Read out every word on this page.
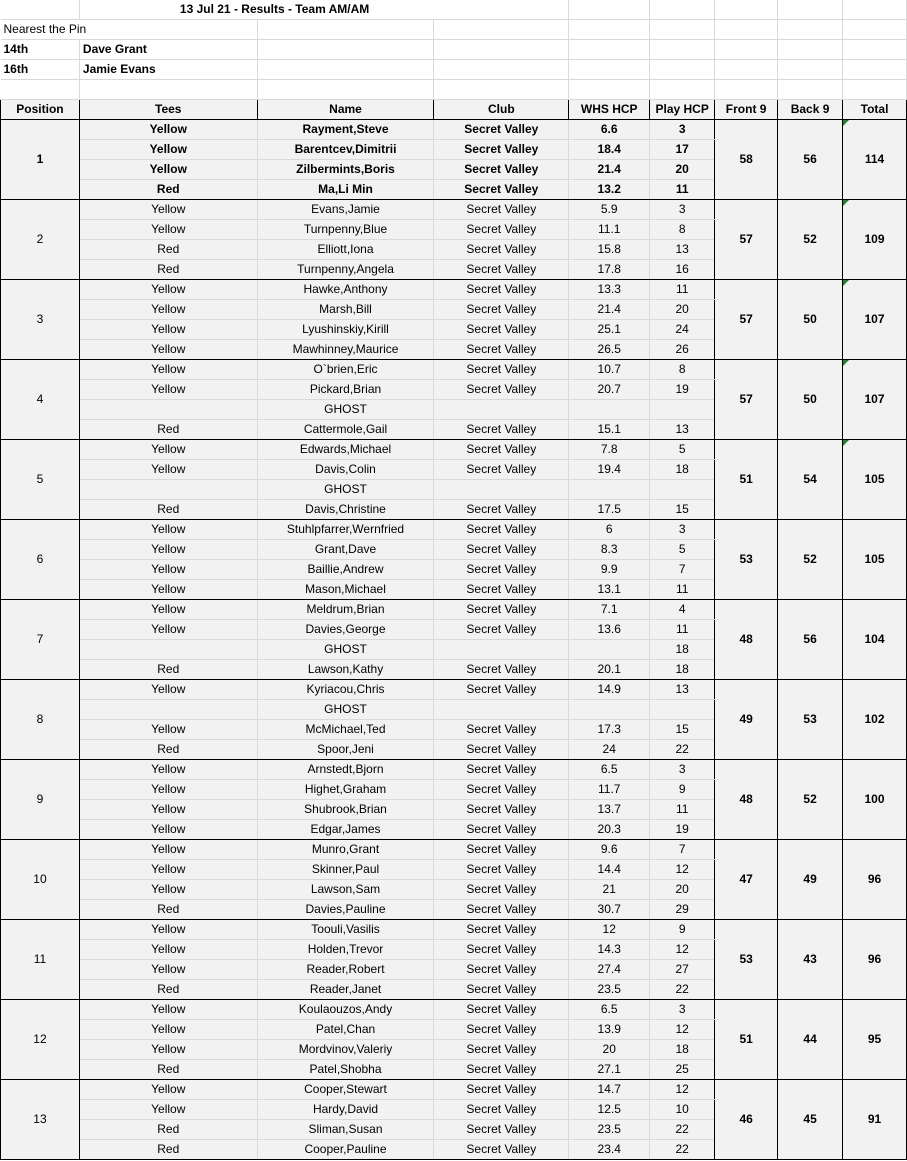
	13 Jul 21 - Results - Team AM/AM							
Nearest the Pin								
14th	Dave Grant							
16th	Jamie Evans							

Position	Tees	Name	Club	WHS HCP	Play HCP	Front 9	Back 9	Total
1	Yellow	Rayment,Steve	Secret Valley	6.6	3	58	56	114
	Yellow	Barentcev,Dimitrii	Secret Valley	18.4	17			
	Yellow	Zilbermints,Boris	Secret Valley	21.4	20			
	Red	Ma,Li Min	Secret Valley	13.2	11			
2	Yellow	Evans,Jamie	Secret Valley	5.9	3	57	52	109
	Yellow	Turnpenny,Blue	Secret Valley	11.1	8			
	Red	Elliott,Iona	Secret Valley	15.8	13			
	Red	Turnpenny,Angela	Secret Valley	17.8	16			
3	Yellow	Hawke,Anthony	Secret Valley	13.3	11	57	50	107
	Yellow	Marsh,Bill	Secret Valley	21.4	20			
	Yellow	Lyushinskiy,Kirill	Secret Valley	25.1	24			
	Yellow	Mawhinney,Maurice	Secret Valley	26.5	26			
4	Yellow	O`brien,Eric	Secret Valley	10.7	8	57	50	107
	Yellow	Pickard,Brian	Secret Valley	20.7	19			
		GHOST						
	Red	Cattermole,Gail	Secret Valley	15.1	13			
5	Yellow	Edwards,Michael	Secret Valley	7.8	5	51	54	105
	Yellow	Davis,Colin	Secret Valley	19.4	18			
		GHOST						
	Red	Davis,Christine	Secret Valley	17.5	15			
6	Yellow	Stuhlpfarrer,Wernfried	Secret Valley	6	3	53	52	105
	Yellow	Grant,Dave	Secret Valley	8.3	5			
	Yellow	Baillie,Andrew	Secret Valley	9.9	7			
	Yellow	Mason,Michael	Secret Valley	13.1	11			
7	Yellow	Meldrum,Brian	Secret Valley	7.1	4	48	56	104
	Yellow	Davies,George	Secret Valley	13.6	11			
		GHOST			18			
	Red	Lawson,Kathy	Secret Valley	20.1	18			
8	Yellow	Kyriacou,Chris	Secret Valley	14.9	13	49	53	102
		GHOST						
	Yellow	McMichael,Ted	Secret Valley	17.3	15			
	Red	Spoor,Jeni	Secret Valley	24	22			
9	Yellow	Arnstedt,Bjorn	Secret Valley	6.5	3	48	52	100
	Yellow	Highet,Graham	Secret Valley	11.7	9			
	Yellow	Shubrook,Brian	Secret Valley	13.7	11			
	Yellow	Edgar,James	Secret Valley	20.3	19			
10	Yellow	Munro,Grant	Secret Valley	9.6	7	47	49	96
	Yellow	Skinner,Paul	Secret Valley	14.4	12			
	Yellow	Lawson,Sam	Secret Valley	21	20			
	Red	Davies,Pauline	Secret Valley	30.7	29			
11	Yellow	Toouli,Vasilis	Secret Valley	12	9	53	43	96
	Yellow	Holden,Trevor	Secret Valley	14.3	12			
	Yellow	Reader,Robert	Secret Valley	27.4	27			
	Red	Reader,Janet	Secret Valley	23.5	22			
12	Yellow	Koulaouzos,Andy	Secret Valley	6.5	3	51	44	95
	Yellow	Patel,Chan	Secret Valley	13.9	12			
	Yellow	Mordvinov,Valeriy	Secret Valley	20	18			
	Red	Patel,Shobha	Secret Valley	27.1	25			
13	Yellow	Cooper,Stewart	Secret Valley	14.7	12	46	45	91
	Yellow	Hardy,David	Secret Valley	12.5	10			
	Red	Sliman,Susan	Secret Valley	23.5	22			
	Red	Cooper,Pauline	Secret Valley	23.4	22			
